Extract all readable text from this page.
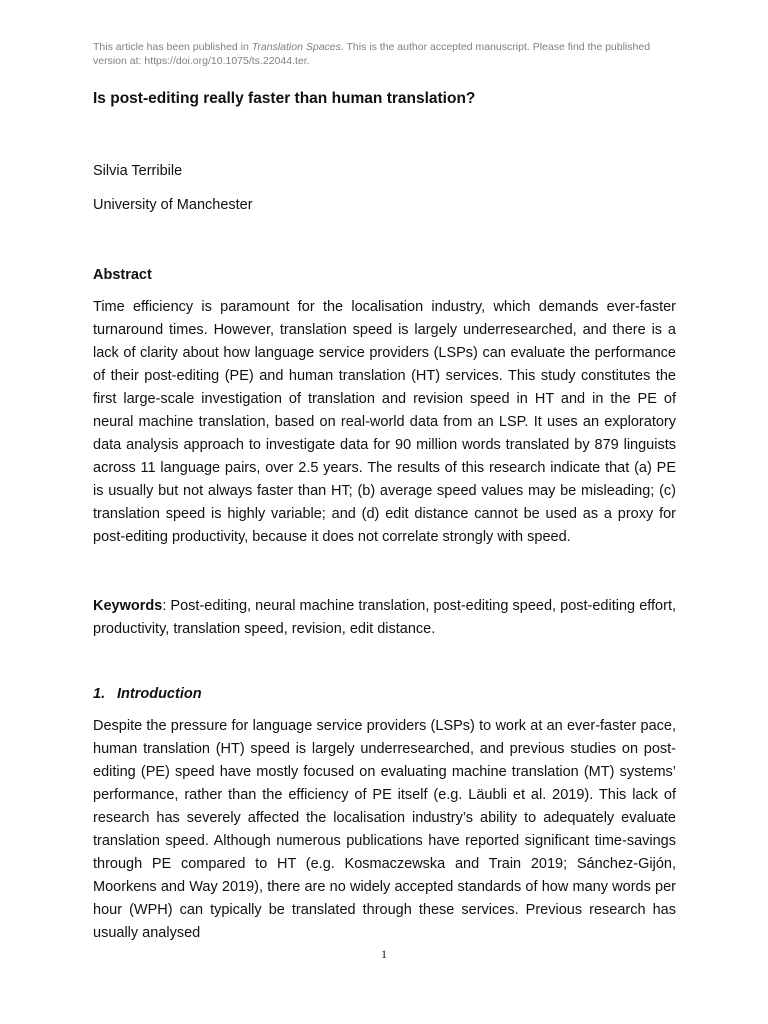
This article has been published in Translation Spaces. This is the author accepted manuscript. Please find the published version at: https://doi.org/10.1075/ts.22044.ter.
Is post-editing really faster than human translation?
Silvia Terribile
University of Manchester
Abstract

Time efficiency is paramount for the localisation industry, which demands ever-faster turnaround times. However, translation speed is largely underresearched, and there is a lack of clarity about how language service providers (LSPs) can evaluate the performance of their post-editing (PE) and human translation (HT) services. This study constitutes the first large-scale investigation of translation and revision speed in HT and in the PE of neural machine translation, based on real-world data from an LSP. It uses an exploratory data analysis approach to investigate data for 90 million words translated by 879 linguists across 11 language pairs, over 2.5 years. The results of this research indicate that (a) PE is usually but not always faster than HT; (b) average speed values may be misleading; (c) translation speed is highly variable; and (d) edit distance cannot be used as a proxy for post-editing productivity, because it does not correlate strongly with speed.

Keywords: Post-editing, neural machine translation, post-editing speed, post-editing effort, productivity, translation speed, revision, edit distance.

1. Introduction

Despite the pressure for language service providers (LSPs) to work at an ever-faster pace, human translation (HT) speed is largely underresearched, and previous studies on post-editing (PE) speed have mostly focused on evaluating machine translation (MT) systems’ performance, rather than the efficiency of PE itself (e.g. Läubli et al. 2019). This lack of research has severely affected the localisation industry’s ability to adequately evaluate translation speed. Although numerous publications have reported significant time-savings through PE compared to HT (e.g. Kosmaczewska and Train 2019; Sánchez-Gijón, Moorkens and Way 2019), there are no widely accepted standards of how many words per hour (WPH) can typically be translated through these services. Previous research has usually analysed

1
